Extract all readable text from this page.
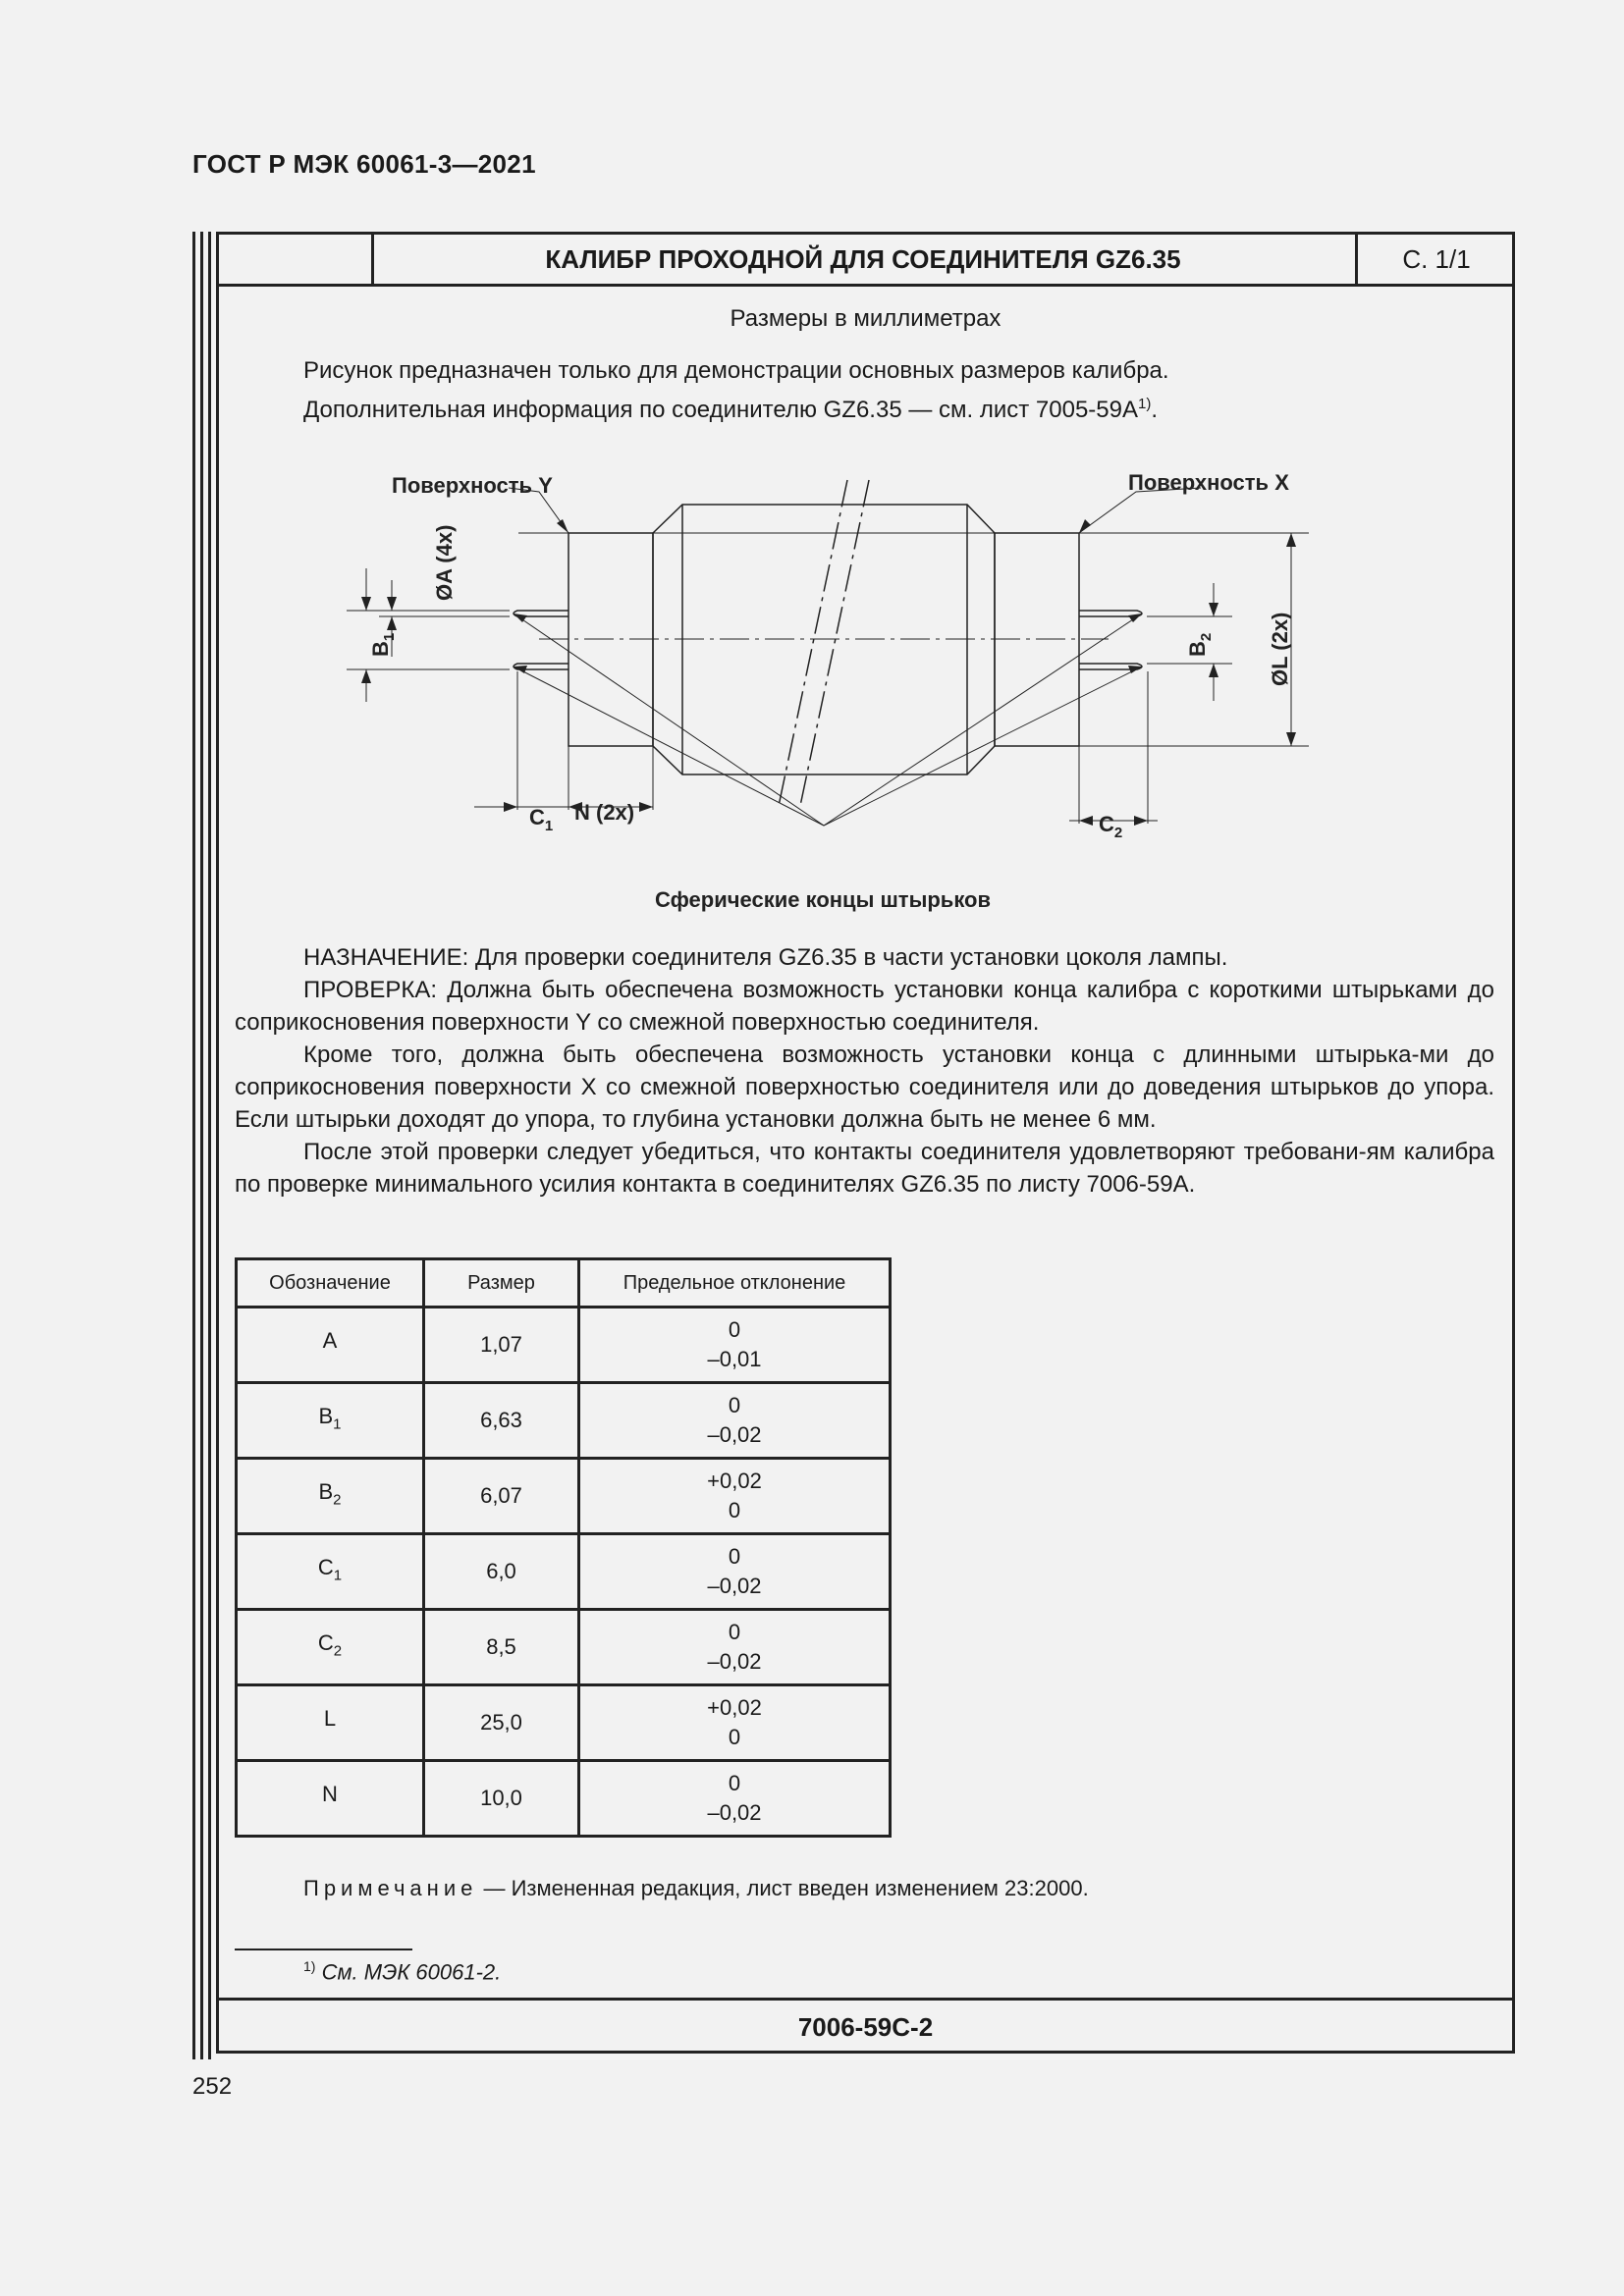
ГОСТ Р МЭК 60061-3—2021
КАЛИБР ПРОХОДНОЙ ДЛЯ СОЕДИНИТЕЛЯ GZ6.35	С. 1/1
Размеры в миллиметрах
Рисунок предназначен только для демонстрации основных размеров калибра.
Дополнительная информация по соединителю GZ6.35 — см. лист $7005-59A^{1)}$.
Поверхность Y	Поверхность X
ØA (4x)
ØL (2x)
$B_2$
$B_1$
$C_1$
N (2x)	$C_2$
Сферические концы штырьков

НАЗНАЧЕНИЕ: Для проверки соединителя GZ6.35 в части установки цоколя лампы.

ПРОВЕРКА: Должна быть обеспечена возможность установки конца калибра с короткими штырьками до соприкосновения поверхности Y со смежной поверхностью соединителя.

Кроме того, должна быть обеспечена возможность установки конца с длинными штырька-ми до соприкосновения поверхности X со смежной поверхностью соединителя или до доведения штырьков до упора. Если штырьки доходят до упора, то глубина установки должна быть не менее 6 мм.

После этой проверки следует убедиться, что контакты соединителя удовлетворяют требовани-ям калибра по проверке минимального усилия контакта в соединителях GZ6.35 по листу 7006-59A.

Обозначение	Размер	Предельное отклонение
A	1,07	0
–0,01

$B_1$	6,63	0
–0,02

$B_2$	6,07	+0,02
0

$C_1$	6,0	0
–0,02

$C_2$	8,5	0
–0,02

L	25,0	+0,02
0

N	10,0	0
–0,02
Примечание — Измененная редакция, лист введен изменением 23:2000.
$^{1)}$ См. МЭК 60061-2.
7006-59C-2
252
